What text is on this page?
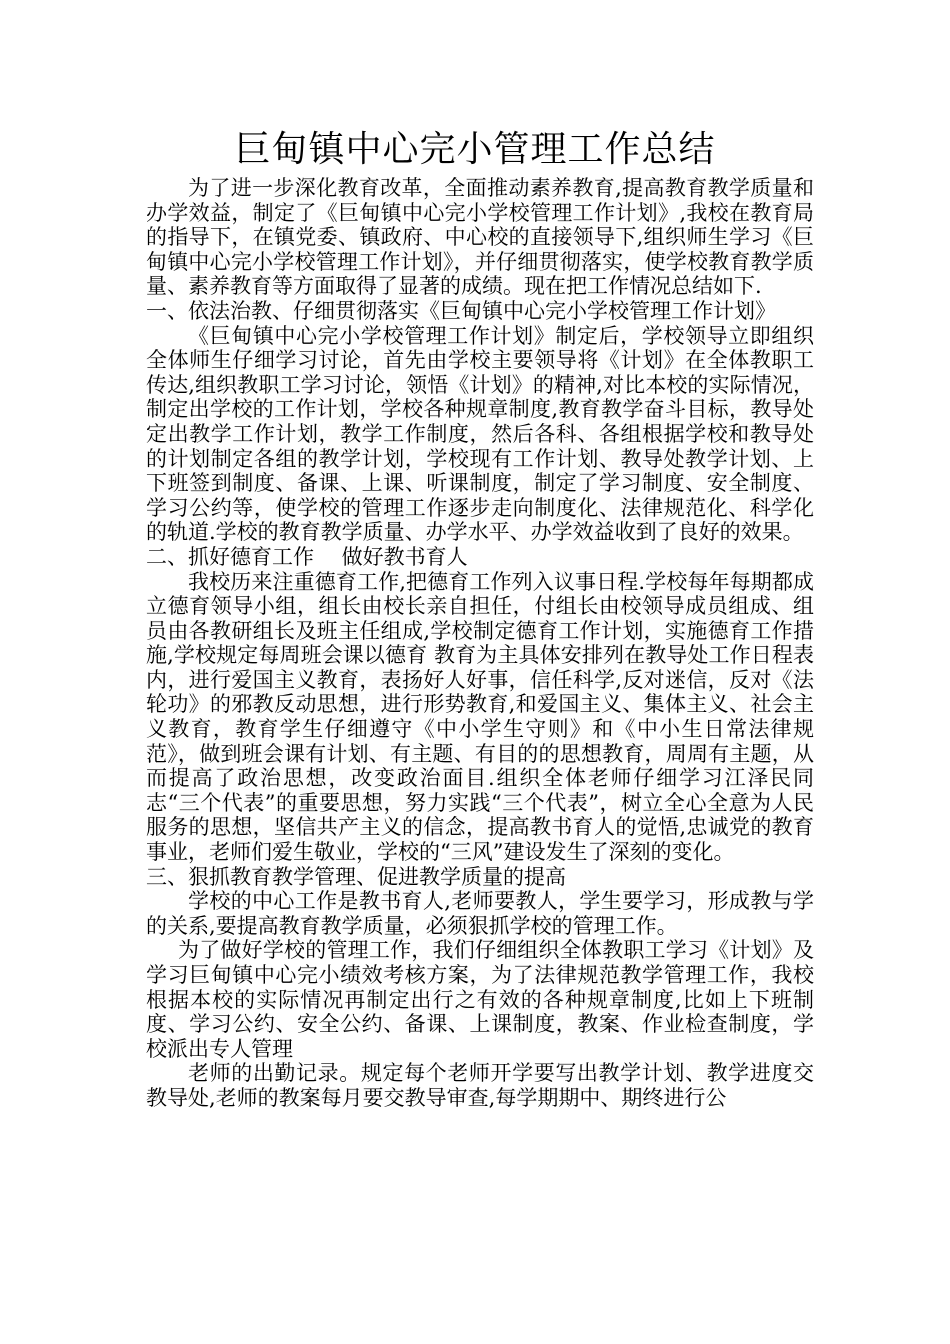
巨甸镇中心完小管理工作总结

为了进一步深化教育改革，全面推动素养教育,提高教育教学质量和办学效益，制定了《巨甸镇中心完小学校管理工作计划》,我校在教育局的指导下，在镇党委、镇政府、中心校的直接领导下,组织师生学习《巨甸镇中心完小学校管理工作计划》，并仔细贯彻落实，使学校教育教学质量、素养教育等方面取得了显著的成绩。现在把工作情况总结如下.

一、依法治教、仔细贯彻落实《巨甸镇中心完小学校管理工作计划》

《巨甸镇中心完小学校管理工作计划》制定后，学校领导立即组织全体师生仔细学习讨论，首先由学校主要领导将《计划》在全体教职工传达,组织教职工学习讨论，领悟《计划》的精神,对比本校的实际情况，制定出学校的工作计划，学校各种规章制度,教育教学奋斗目标，教导处定出教学工作计划，教学工作制度，然后各科、各组根据学校和教导处的计划制定各组的教学计划，学校现有工作计划、教导处教学计划、上下班签到制度、备课、上课、听课制度，制定了学习制度、安全制度、学习公约等，使学校的管理工作逐步走向制度化、法律规范化、科学化的轨道.学校的教育教学质量、办学水平、办学效益收到了良好的效果。

二、抓好德育工作　 做好教书育人

我校历来注重德育工作,把德育工作列入议事日程.学校每年每期都成立德育领导小组，组长由校长亲自担任，付组长由校领导成员组成、组员由各教研组长及班主任组成,学校制定德育工作计划，实施德育工作措施,学校规定每周班会课以德育 教育为主具体安排列在教导处工作日程表内，进行爱国主义教育，表扬好人好事，信任科学,反对迷信，反对《法轮功》的邪教反动思想，进行形势教育,和爱国主义、集体主义、社会主义教育，教育学生仔细遵守《中小学生守则》和《中小生日常法律规范》，做到班会课有计划、有主题、有目的的思想教育，周周有主题，从而提高了政治思想，改变政治面目.组织全体老师仔细学习江泽民同志“三个代表”的重要思想，努力实践“三个代表”，树立全心全意为人民服务的思想，坚信共产主义的信念，提高教书育人的觉悟,忠诚党的教育事业，老师们爱生敬业，学校的“三风”建设发生了深刻的变化。

三、狠抓教育教学管理、促进教学质量的提高

学校的中心工作是教书育人,老师要教人，学生要学习，形成教与学的关系,要提高教育教学质量，必须狠抓学校的管理工作。

为了做好学校的管理工作，我们仔细组织全体教职工学习《计划》及学习巨甸镇中心完小绩效考核方案，为了法律规范教学管理工作，我校根据本校的实际情况再制定出行之有效的各种规章制度,比如上下班制度、学习公约、安全公约、备课、上课制度，教案、作业检查制度，学校派出专人管理

老师的出勤记录。规定每个老师开学要写出教学计划、教学进度交教导处,老师的教案每月要交教导审查,每学期期中、期终进行公
